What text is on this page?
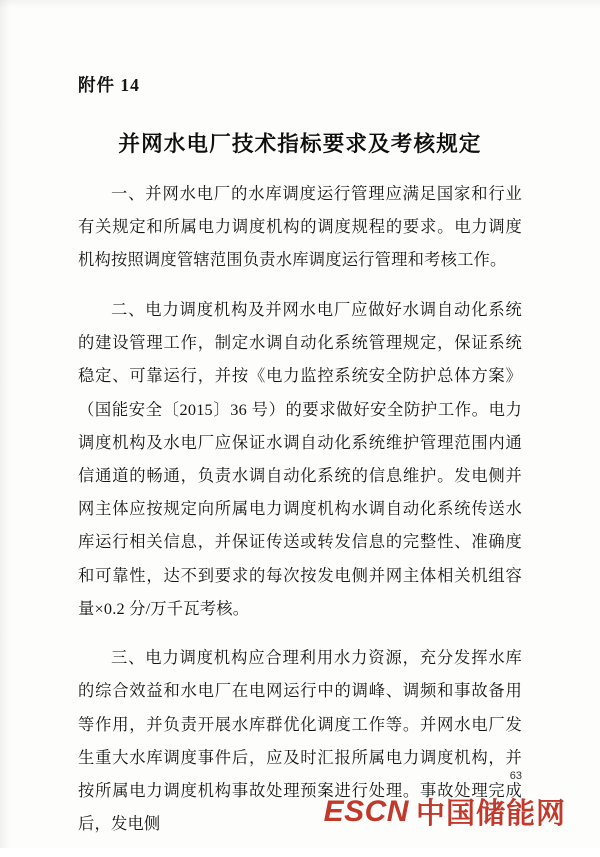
附件 14
并网水电厂技术指标要求及考核规定

一、并网水电厂的水库调度运行管理应满足国家和行业有关规定和所属电力调度机构的调度规程的要求。电力调度机构按照调度管辖范围负责水库调度运行管理和考核工作。

二、电力调度机构及并网水电厂应做好水调自动化系统的建设管理工作，制定水调自动化系统管理规定，保证系统稳定、可靠运行，并按《电力监控系统安全防护总体方案》（国能安全〔2015〕36 号）的要求做好安全防护工作。电力调度机构及水电厂应保证水调自动化系统维护管理范围内通信通道的畅通，负责水调自动化系统的信息维护。发电侧并网主体应按规定向所属电力调度机构水调自动化系统传送水库运行相关信息，并保证传送或转发信息的完整性、准确度和可靠性，达不到要求的每次按发电侧并网主体相关机组容量×0.2 分/万千瓦考核。

三、电力调度机构应合理利用水力资源，充分发挥水库的综合效益和水电厂在电网运行中的调峰、调频和事故备用等作用，并负责开展水库群优化调度工作等。并网水电厂发生重大水库调度事件后，应及时汇报所属电力调度机构，并按所属电力调度机构事故处理预案进行处理。事故处理完成后，发电侧

63
ESCN 中国储能网
